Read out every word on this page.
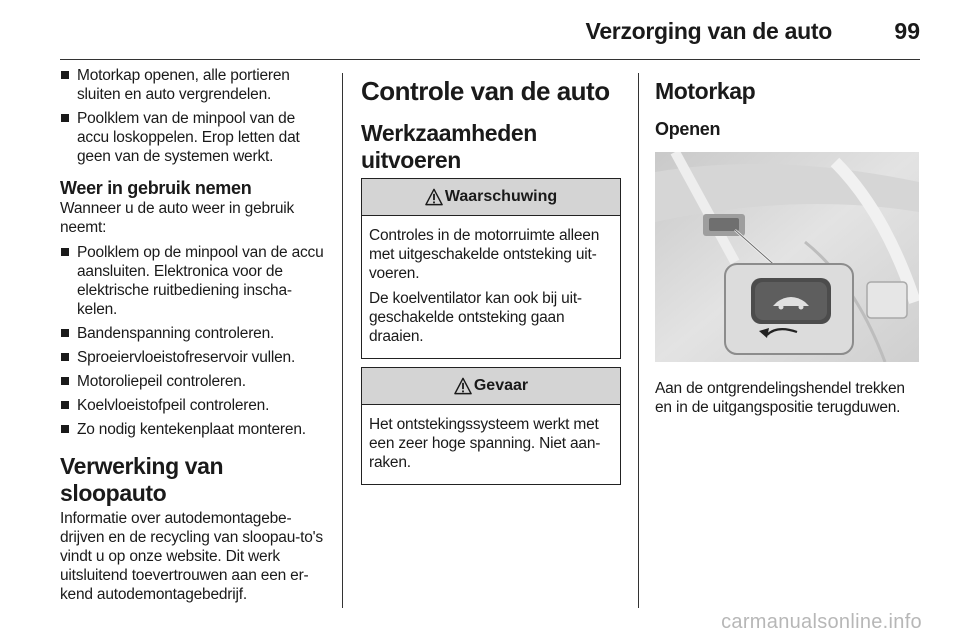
Verzorging van de auto	99
Motorkap openen, alle portieren sluiten en auto vergrendelen.
Poolklem van de minpool van de accu loskoppelen. Erop letten dat geen van de systemen werkt.
Weer in gebruik nemen

Wanneer u de auto weer in gebruik neemt:

Poolklem op de minpool van de accu aansluiten. Elektronica voor de elektrische ruitbediening inscha-kelen.
Bandenspanning controleren.
Sproeiervloeistofreservoir vullen.
Motoroliepeil controleren.
Koelvloeistofpeil controleren.
Zo nodig kentekenplaat monteren.
Verwerking van sloopauto

Informatie over autodemontagebe-drijven en de recycling van sloopau-to's vindt u op onze website. Dit werk uitsluitend toevertrouwen aan een er-kend autodemontagebedrijf.

Controle van de auto
Werkzaamheden uitvoeren
Waarschuwing

Controles in de motorruimte alleen met uitgeschakelde ontsteking uit-voeren.

De koelventilator kan ook bij uit-geschakelde ontsteking gaan draaien.

Gevaar

Het ontstekingssysteem werkt met een zeer hoge spanning. Niet aan-raken.

Motorkap
Openen

Aan de ontgrendelingshendel trekken en in de uitgangspositie terugduwen.

carmanualsonline.info
